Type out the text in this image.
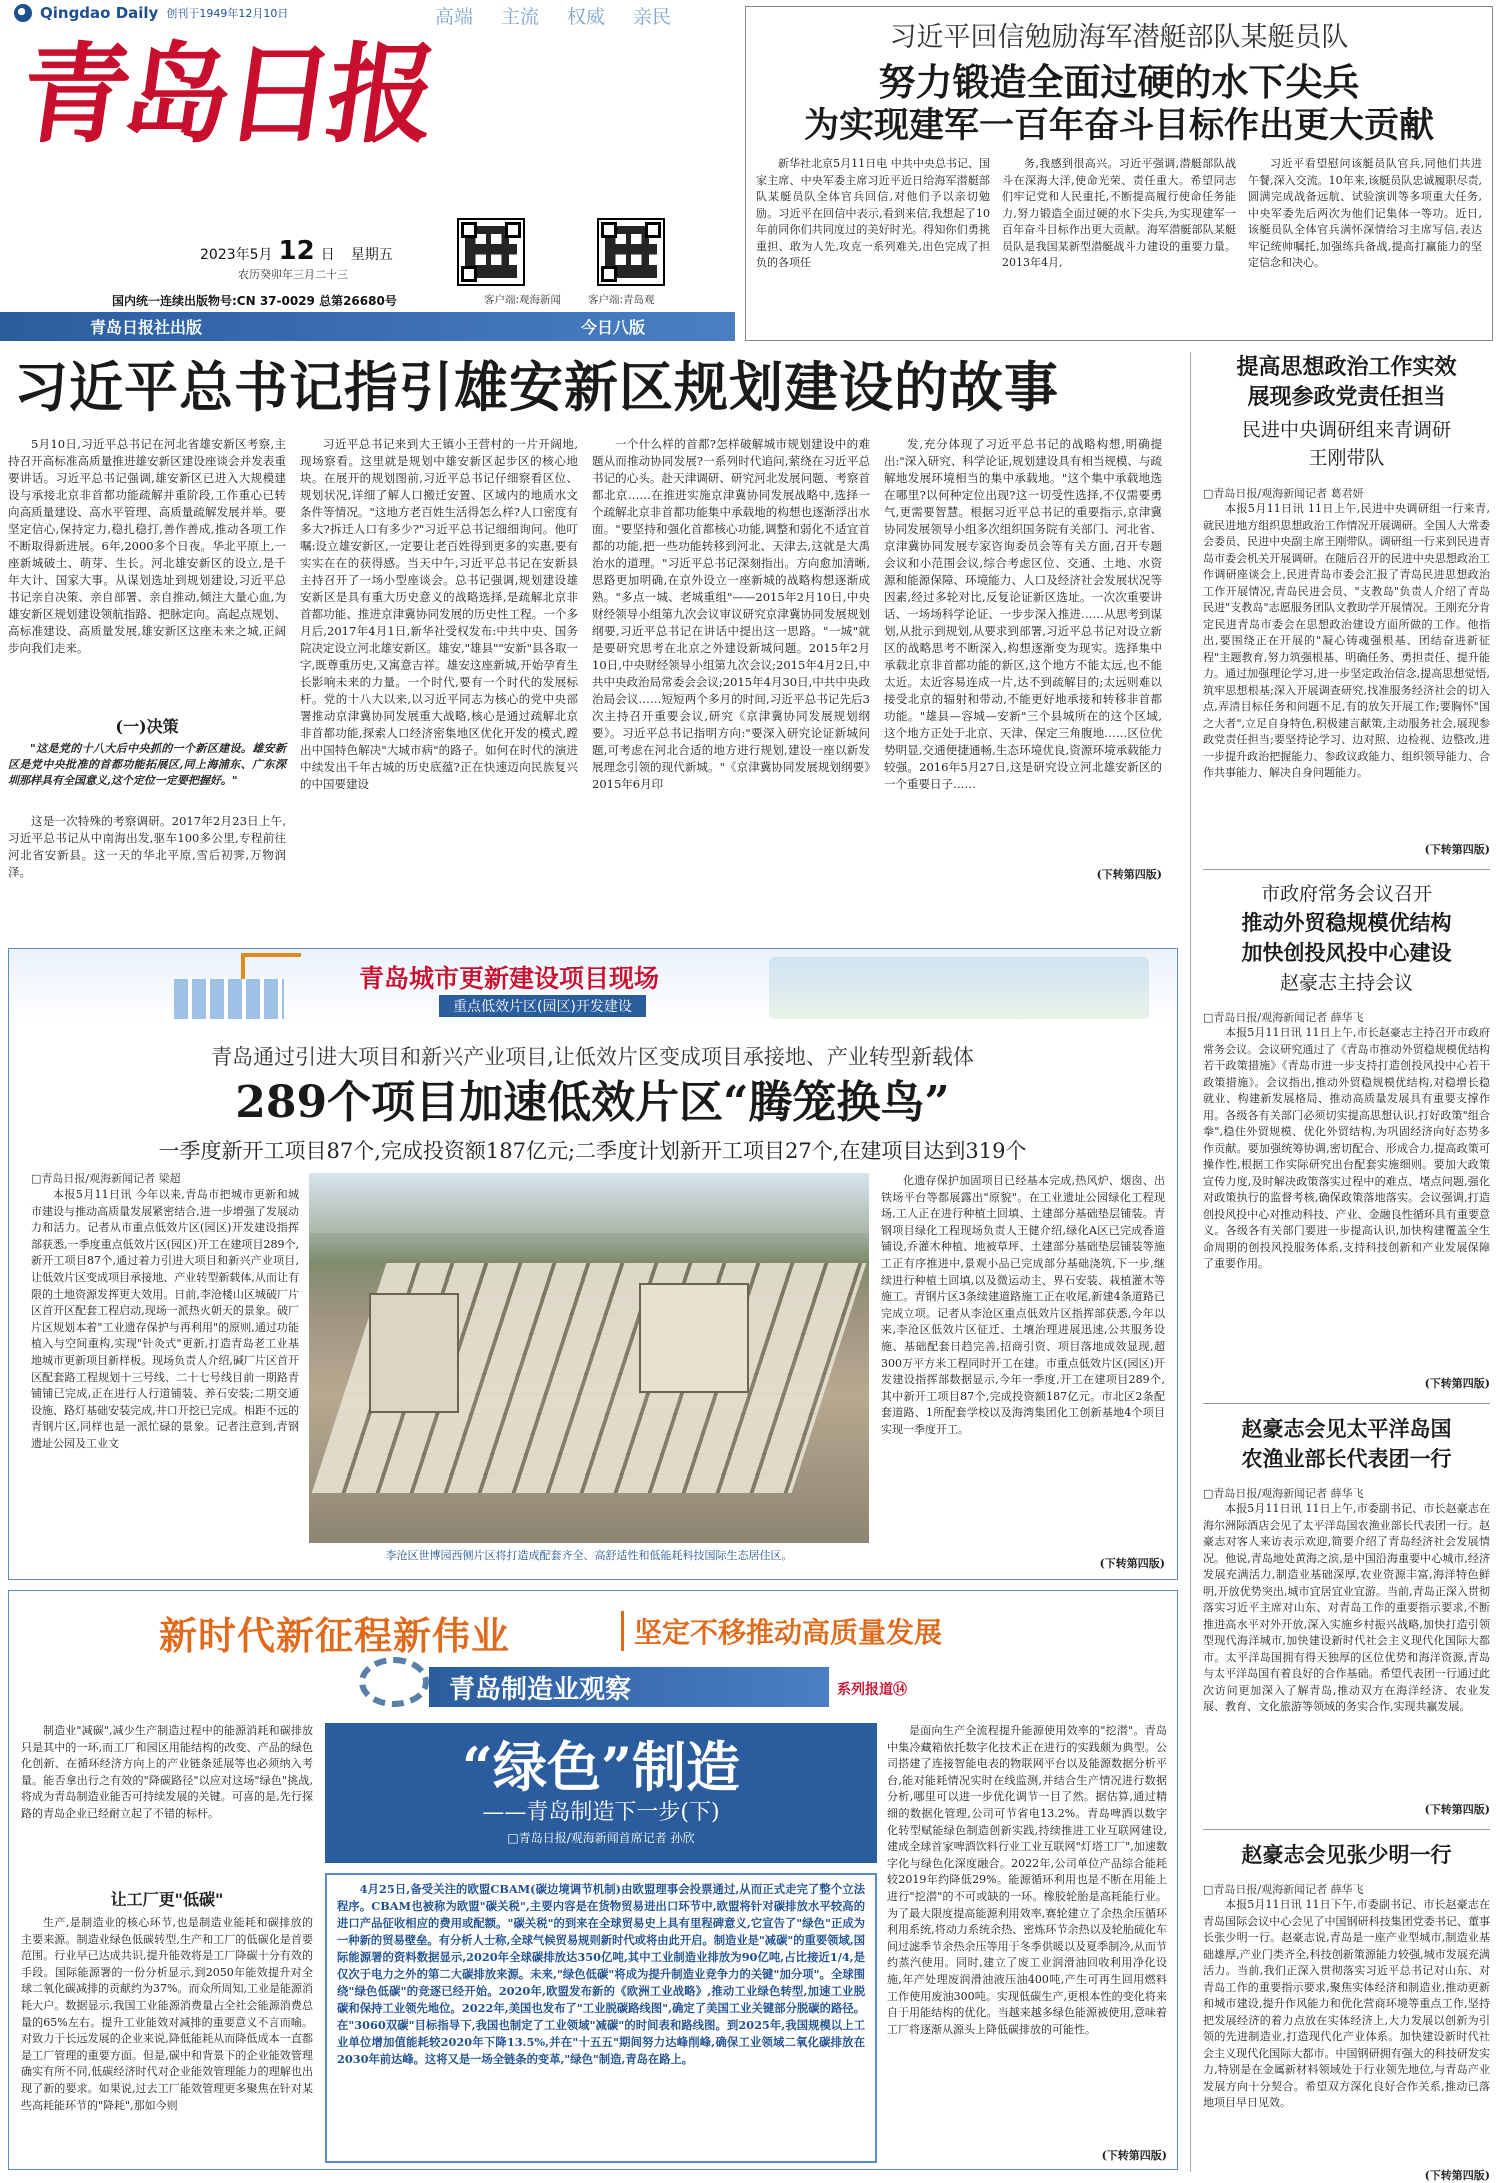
Qingdao Daily 创刊于1949年12月10日	高端 主流 权威 亲民
青岛日报
2023年5月 12 日 星期五
农历癸卯年三月二十三
国内统一连续出版物号:CN 37-0029 总第26680号	客户端:观海新闻	客户端:青岛观
青岛日报社出版	今日八版
习近平回信勉励海军潜艇部队某艇员队
努力锻造全面过硬的水下尖兵
为实现建军一百年奋斗目标作出更大贡献
新华社北京5月11日电 中共中央总书记、国家主席、中央军委主席习近平近日给海军潜艇部队某艇员队全体官兵回信,对他们予以亲切勉励。习近平在回信中表示,看到来信,我想起了10年前同你们共同度过的美好时光。得知你们勇挑重担、敢为人先,攻克一系列难关,出色完成了担负的各项任
务,我感到很高兴。习近平强调,潜艇部队战斗在深海大洋,使命光荣、责任重大。希望同志们牢记党和人民重托,不断提高履行使命任务能力,努力锻造全面过硬的水下尖兵,为实现建军一百年奋斗目标作出更大贡献。海军潜艇部队某艇员队是我国某新型潜艇战斗力建设的重要力量。2013年4月,
习近平看望慰问该艇员队官兵,同他们共进午餐,深入交流。10年来,该艇员队忠诚履职尽责,圆满完成战备远航、试验演训等多项重大任务,中央军委先后两次为他们记集体一等功。近日,该艇员队全体官兵满怀深情给习主席写信,表达牢记统帅嘱托,加强练兵备战,提高打赢能力的坚定信念和决心。
习近平总书记指引雄安新区规划建设的故事
5月10日,习近平总书记在河北省雄安新区考察,主持召开高标准高质量推进雄安新区建设座谈会并发表重要讲话。习近平总书记强调,雄安新区已进入大规模建设与承接北京非首都功能疏解并重阶段,工作重心已转向高质量建设、高水平管理、高质量疏解发展并举。要坚定信心,保持定力,稳扎稳打,善作善成,推动各项工作不断取得新进展。6年,2000多个日夜。华北平原上,一座新城破土、萌芽、生长。河北雄安新区的设立,是千年大计、国家大事。从谋划选址到规划建设,习近平总书记亲自决策、亲自部署、亲自推动,倾注大量心血,为雄安新区规划建设领航指路、把脉定向。高起点规划、高标准建设、高质量发展,雄安新区这座未来之城,正阔步向我们走来。
(一)决策
"这是党的十八大后中央抓的一个新区建设。雄安新区是党中央批准的首都功能拓展区,同上海浦东、广东深圳那样具有全国意义,这个定位一定要把握好。"
这是一次特殊的考察调研。2017年2月23日上午,习近平总书记从中南海出发,驱车100多公里,专程前往河北省安新县。这一天的华北平原,雪后初霁,万物润泽。
习近平总书记来到大王镇小王营村的一片开阔地,现场察看。这里就是规划中雄安新区起步区的核心地块。在展开的规划图前,习近平总书记仔细察看区位、规划状况,详细了解人口搬迁安置、区域内的地质水文条件等情况。"这地方老百姓生活得怎么样?人口密度有多大?拆迁人口有多少?"习近平总书记细细询问。他叮嘱:设立雄安新区,一定要让老百姓得到更多的实惠,要有实实在在的获得感。当天中午,习近平总书记在安新县主持召开了一场小型座谈会。总书记强调,规划建设雄安新区是具有重大历史意义的战略选择,是疏解北京非首都功能、推进京津冀协同发展的历史性工程。一个多月后,2017年4月1日,新华社受权发布:中共中央、国务院决定设立河北雄安新区。雄安,"雄县""安新"县各取一字,既尊重历史,又寓意吉祥。雄安这座新城,开始孕育生长影响未来的力量。一个时代,要有一个时代的发展标杆。党的十八大以来,以习近平同志为核心的党中央部署推动京津冀协同发展重大战略,核心是通过疏解北京非首都功能,探索人口经济密集地区优化开发的模式,蹚出中国特色解决"大城市病"的路子。如何在时代的演进中续发出千年古城的历史底蕴?正在快速迈向民族复兴的中国要建设
一个什么样的首都?怎样破解城市规划建设中的难题从而推动协同发展?一系列时代追问,萦绕在习近平总书记的心头。赴天津调研、研究河北发展问题、考察首都北京……在推进实施京津冀协同发展战略中,选择一个疏解北京非首都功能集中承载地的构想也逐渐浮出水面。"要坚持和强化首都核心功能,调整和弱化不适宜首都的功能,把一些功能转移到河北、天津去,这就是大禹治水的道理。"习近平总书记深刻指出。方向愈加清晰,思路更加明确,在京外设立一座新城的战略构想逐渐成熟。"多点一城、老城重组"——2015年2月10日,中央财经领导小组第九次会议审议研究京津冀协同发展规划纲要,习近平总书记在讲话中提出这一思路。"一城"就是要研究思考在北京之外建设新城问题。2015年2月10日,中央财经领导小组第九次会议;2015年4月2日,中共中央政治局常委会会议;2015年4月30日,中共中央政治局会议……短短两个多月的时间,习近平总书记先后3次主持召开重要会议,研究《京津冀协同发展规划纲要》。习近平总书记指明方向:"要深入研究论证新城问题,可考虑在河北合适的地方进行规划,建设一座以新发展理念引领的现代新城。"《京津冀协同发展规划纲要》2015年6月印
发,充分体现了习近平总书记的战略构想,明确提出:"深入研究、科学论证,规划建设具有相当规模、与疏解地发展环境相当的集中承载地。"这个集中承载地选在哪里?以何种定位出现?这一切受性选择,不仅需要勇气,更需要智慧。根据习近平总书记的重要指示,京津冀协同发展领导小组多次组织国务院有关部门、河北省、京津冀协同发展专家咨询委员会等有关方面,召开专题会议和小范围会议,综合考虑区位、交通、土地、水资源和能源保障、环境能力、人口及经济社会发展状况等因素,经过多轮对比,反复论证新区选址。一次次重要讲话、一场场科学论证、一步步深入推进……从思考到谋划,从批示到规划,从要求到部署,习近平总书记对设立新区的战略思考不断深入,构想逐渐变为现实。选择集中承载北京非首都功能的新区,这个地方不能太远,也不能太近。太近容易连成一片,达不到疏解目的;太远则难以接受北京的辐射和带动,不能更好地承接和转移非首都功能。"雄县—容城—安新"三个县城所在的这个区域,这个地方正处于北京、天津、保定三角腹地……区位优势明显,交通便捷通畅,生态环境优良,资源环境承载能力较强。2016年5月27日,这是研究设立河北雄安新区的一个重要日子……
(下转第四版)
提高思想政治工作实效
展现参政党责任担当
民进中央调研组来青调研
王刚带队
□青岛日报/观海新闻记者 葛君妍
本报5月11日讯 11日上午,民进中央调研组一行来青,就民进地方组织思想政治工作情况开展调研。全国人大常委会委员、民进中央副主席王刚带队。调研组一行来到民进青岛市委会机关开展调研。在随后召开的民进中央思想政治工作调研座谈会上,民进青岛市委会汇报了青岛民进思想政治工作开展情况,青岛民进会员、"支教岛"负责人介绍了青岛民进"支教岛"志愿服务团队文教助学开展情况。王刚充分肯定民进青岛市委会在思想政治建设方面所做的工作。他指出,要围绕正在开展的"凝心铸魂强根基、团结奋进新征程"主题教育,努力筑强根基、明确任务、勇担责任、提升能力。通过加强理论学习,进一步坚定政治信念,提高思想觉悟,筑牢思想根基;深入开展调查研究,找准服务经济社会的切入点,弄清目标任务和问题不足,有的放矢开展工作;要胸怀"国之大者",立足自身特色,积极建言献策,主动服务社会,展现参政党责任担当;要坚持论学习、边对照、边检视、边整改,进一步提升政治把握能力、参政议政能力、组织领导能力、合作共事能力、解决自身问题能力。
(下转第四版)
市政府常务会议召开
推动外贸稳规模优结构
加快创投风投中心建设
赵豪志主持会议
□青岛日报/观海新闻记者 薛华飞
本报5月11日讯 11日上午,市长赵豪志主持召开市政府常务会议。会议研究通过了《青岛市推动外贸稳规模优结构若干政策措施》《青岛市进一步支持打造创投风投中心若干政策措施》。会议指出,推动外贸稳规模优结构,对稳增长稳就业、构建新发展格局、推动高质量发展具有重要支撑作用。各级各有关部门必须切实提高思想认识,打好政策"组合拳",稳住外贸规模、优化外贸结构,为巩固经济向好态势多作贡献。要加强统筹协调,密切配合、形成合力,提高政策可操作性,根据工作实际研究出台配套实施细则。要加大政策宣传力度,及时解决政策落实过程中的难点、堵点问题,强化对政策执行的监督考核,确保政策落地落实。会议强调,打造创投风投中心对推动科技、产业、金融良性循环具有重要意义。各级各有关部门要进一步提高认识,加快构建覆盖全生命周期的创投风投服务体系,支持科技创新和产业发展保障了重要作用。
(下转第四版)
赵豪志会见太平洋岛国
农渔业部长代表团一行
□青岛日报/观海新闻记者 薛华飞
本报5月11日讯 11日上午,市委副书记、市长赵豪志在海尔洲际酒店会见了太平洋岛国农渔业部长代表团一行。赵豪志对客人来访表示欢迎,简要介绍了青岛经济社会发展情况。他说,青岛地处黄海之滨,是中国沿海重要中心城市,经济发展充满活力,制造业基础深厚,农业资源丰富,海洋特色鲜明,开放优势突出,城市宜居宜业宜游。当前,青岛正深入贯彻落实习近平主席对山东、对青岛工作的重要指示要求,不断推进高水平对外开放,深入实施乡村振兴战略,加快打造引领型现代海洋城市,加快建设新时代社会主义现代化国际大都市。太平洋岛国拥有得天独厚的区位优势和海洋资源,青岛与太平洋岛国有着良好的合作基础。希望代表团一行通过此次访问更加深入了解青岛,推动双方在海洋经济、农业发展、教育、文化旅游等领域的务实合作,实现共赢发展。
(下转第四版)
赵豪志会见张少明一行
□青岛日报/观海新闻记者 薛华飞
本报5月11日讯 11日下午,市委副书记、市长赵豪志在青岛国际会议中心会见了中国钢研科技集团党委书记、董事长张少明一行。赵豪志说,青岛是一座产业型城市,制造业基础雄厚,产业门类齐全,科技创新策源能力较强,城市发展充满活力。当前,我们正深入贯彻落实习近平总书记对山东、对青岛工作的重要指示要求,聚焦实体经济和制造业,推动更新和城市建设,提升作风能力和优化营商环境等重点工作,坚持把发展经济的着力点放在实体经济上,大力发展以创新为引领的先进制造业,打造现代化产业体系。加快建设新时代社会主义现代化国际大都市。中国钢研拥有强大的科技研发实力,特别是在金属新材料领域处于行业领先地位,与青岛产业发展方向十分契合。希望双方深化良好合作关系,推动已落地项目早日见效。
(下转第四版)
青岛城市更新建设项目现场
重点低效片区(园区)开发建设
青岛通过引进大项目和新兴产业项目,让低效片区变成项目承接地、产业转型新载体
289个项目加速低效片区“腾笼换鸟”
一季度新开工项目87个,完成投资额187亿元;二季度计划新开工项目27个,在建项目达到319个
□青岛日报/观海新闻记者 梁超
本报5月11日讯 今年以来,青岛市把城市更新和城市建设与推动高质量发展紧密结合,进一步增强了发展动力和活力。记者从市重点低效片区(园区)开发建设指挥部获悉,一季度重点低效片区(园区)开工在建项目289个,新开工项目87个,通过着力引进大项目和新兴产业项目,让低效片区变成项目承接地、产业转型新载体,从而让有限的土地资源发挥更大效用。日前,李沧楼山区城破厂片区首开区配套工程启动,现场一派热火朝天的景象。破厂片区规划本着"工业遗存保护与再利用"的原则,通过功能植入与空间重构,实现"针灸式"更新,打造青岛老工业基地城市更新项目新样板。现场负责人介绍,碱厂片区首开区配套路工程规划十三号线、二十七号线目前一期路青铺铺已完成,正在进行人行道铺装、养石安装;二期交通设施、路灯基础安装完成,井口开挖已完成。相距不远的青钢片区,同样也是一派忙碌的景象。记者注意到,青钢遗址公园及工业文
李沧区世博园西侧片区将打造成配套齐全、高舒适性和低能耗科技国际生态居住区。
化遗存保护加固项目已经基本完成,热风炉、烟囱、出铁场平台等都展露出"原貌"。在工业遗址公园绿化工程现场,工人正在进行种植土回填、土建部分基础垫层铺装。青钢项目绿化工程现场负责人王健介绍,绿化A区已完成香道铺设,乔灌木种植、地被草坪、土建部分基础垫层铺装等施工正有序推进中,景观小品已完成部分基础浇筑,下一步,继续进行种植土回填,以及微运动主、界石安装、栽植灌木等施工。青钢片区3条续建道路施工正在收尾,新建4条道路已完成立项。记者从李沧区重点低效片区指挥部获悉,今年以来,李沧区低效片区征迁、土壤治理进展迅速,公共服务设施、基础配套日趋完善,招商引资、项目落地成效显现,超300万平方米工程同时开工在建。市重点低效片区(园区)开发建设指挥部数据显示,今年一季度,开工在建项目289个,其中新开工项目87个,完成投资额187亿元。市北区2条配套道路、1所配套学校以及海湾集团化工创新基地4个项目实现一季度开工。
(下转第四版)
新时代新征程新伟业	坚定不移推动高质量发展
青岛制造业观察	系列报道⑭
制造业"减碳",减少生产制造过程中的能源消耗和碳排放只是其中的一环,而工厂和园区用能结构的改变、产品的绿色化创新、在循环经济方向上的产业链条延展等也必须纳入考量。能否拿出行之有效的"降碳路径"以应对这场"绿色"挑战,将成为青岛制造业能否可持续发展的关键。可喜的是,先行探路的青岛企业已经耐立起了不错的标杆。
让工厂更"低碳"
生产,是制造业的核心环节,也是制造业能耗和碳排放的主要来源。制造业绿色低碳转型,生产和工厂的低碳化是首要范围。行业早已达成共识,提升能效将是工厂降碳十分有效的手段。国际能源署的一份分析显示,到2050年能效提升对全球二氧化碳减排的贡献约为37%。而众所周知,工业是能源消耗大户。数据显示,我国工业能源消费量占全社会能源消费总量的65%左右。提升工业能效对减排的重要意义不言而喻。对致力于长远发展的企业来说,降低能耗从而降低成本一直都是工厂管理的重要方面。但是,碳中和背景下的企业能效管理确实有所不同,低碳经济时代对企业能效管理能力的理解也出现了新的要求。如果说,过去工厂能效管理更多聚焦在针对某些高耗能环节的"降耗",那如今则
“绿色”制造
——青岛制造下一步(下)
□青岛日报/观海新闻首席记者 孙欣
4月25日,备受关注的欧盟CBAM(碳边境调节机制)由欧盟理事会投票通过,从而正式走完了整个立法程序。CBAM也被称为欧盟"碳关税",主要内容是在货物贸易进出口环节中,欧盟将针对碳排放水平较高的进口产品征收相应的费用或配额。"碳关税"的到来在全球贸易史上具有里程碑意义,它宣告了"绿色"正成为一种新的贸易壁垒。有分析人士称,全球气候贸易规则新时代或将由此开启。制造业是"减碳"的重要领域,国际能源署的资料数据显示,2020年全球碳排放达350亿吨,其中工业制造业排放为90亿吨,占比接近1/4,是仅次于电力之外的第二大碳排放来源。未来,"绿色低碳"将成为提升制造业竞争力的关键"加分项"。全球围绕"绿色低碳"的竞逐已经开始。2020年,欧盟发布新的《欧洲工业战略》,推动工业绿色转型,加速工业脱碳和保持工业领先地位。2022年,美国也发布了"工业脱碳路线图",确定了美国工业关键部分脱碳的路径。在"3060双碳"目标指导下,我国也制定了工业领域"减碳"的时间表和路线图。到2025年,我国规模以上工业单位增加值能耗较2020年下降13.5%,并在"十五五"期间努力达峰削峰,确保工业领域二氧化碳排放在2030年前达峰。这将又是一场全链条的变革,"绿色"制造,青岛在路上。
是面向生产全流程提升能源使用效率的"挖潜"。青岛中集冷藏箱依托数字化技术正在进行的实践颇为典型。公司搭建了连接智能电表的物联网平台以及能源数据分析平台,能对能耗情况实时在线监测,并结合生产情况进行数据分析,哪里可以进一步优化调节一目了然。据估算,通过精细的数据化管理,公司可节省电13.2%。青岛啤酒以数字化转型赋能绿色制造创新实践,持续推进工业互联网建设,建成全球首家啤酒饮料行业工业互联网"灯塔工厂",加速数字化与绿色化深度融合。2022年,公司单位产品综合能耗较2019年约降低29%。能源循环利用也是不断在用能上进行"挖潜"的不可或缺的一环。橡胶轮胎是高耗能行业。为了最大限度提高能源利用效率,赛轮建立了余热余压循环利用系统,将动力系统余热、密炼环节余热以及轮胎硫化车间过滤季节余热余压等用于冬季供暖以及夏季制冷,从而节约蒸汽使用。同时,建立了废工业润滑油回收利用净化设施,年产处理废润滑油液压油400吨,产生可再生回用燃料工作使用废油300吨。实现低碳生产,更根本性的变化将来自于用能结构的优化。当越来越多绿色能源被使用,意味着工厂将逐渐从源头上降低碳排放的可能性。
(下转第四版)
